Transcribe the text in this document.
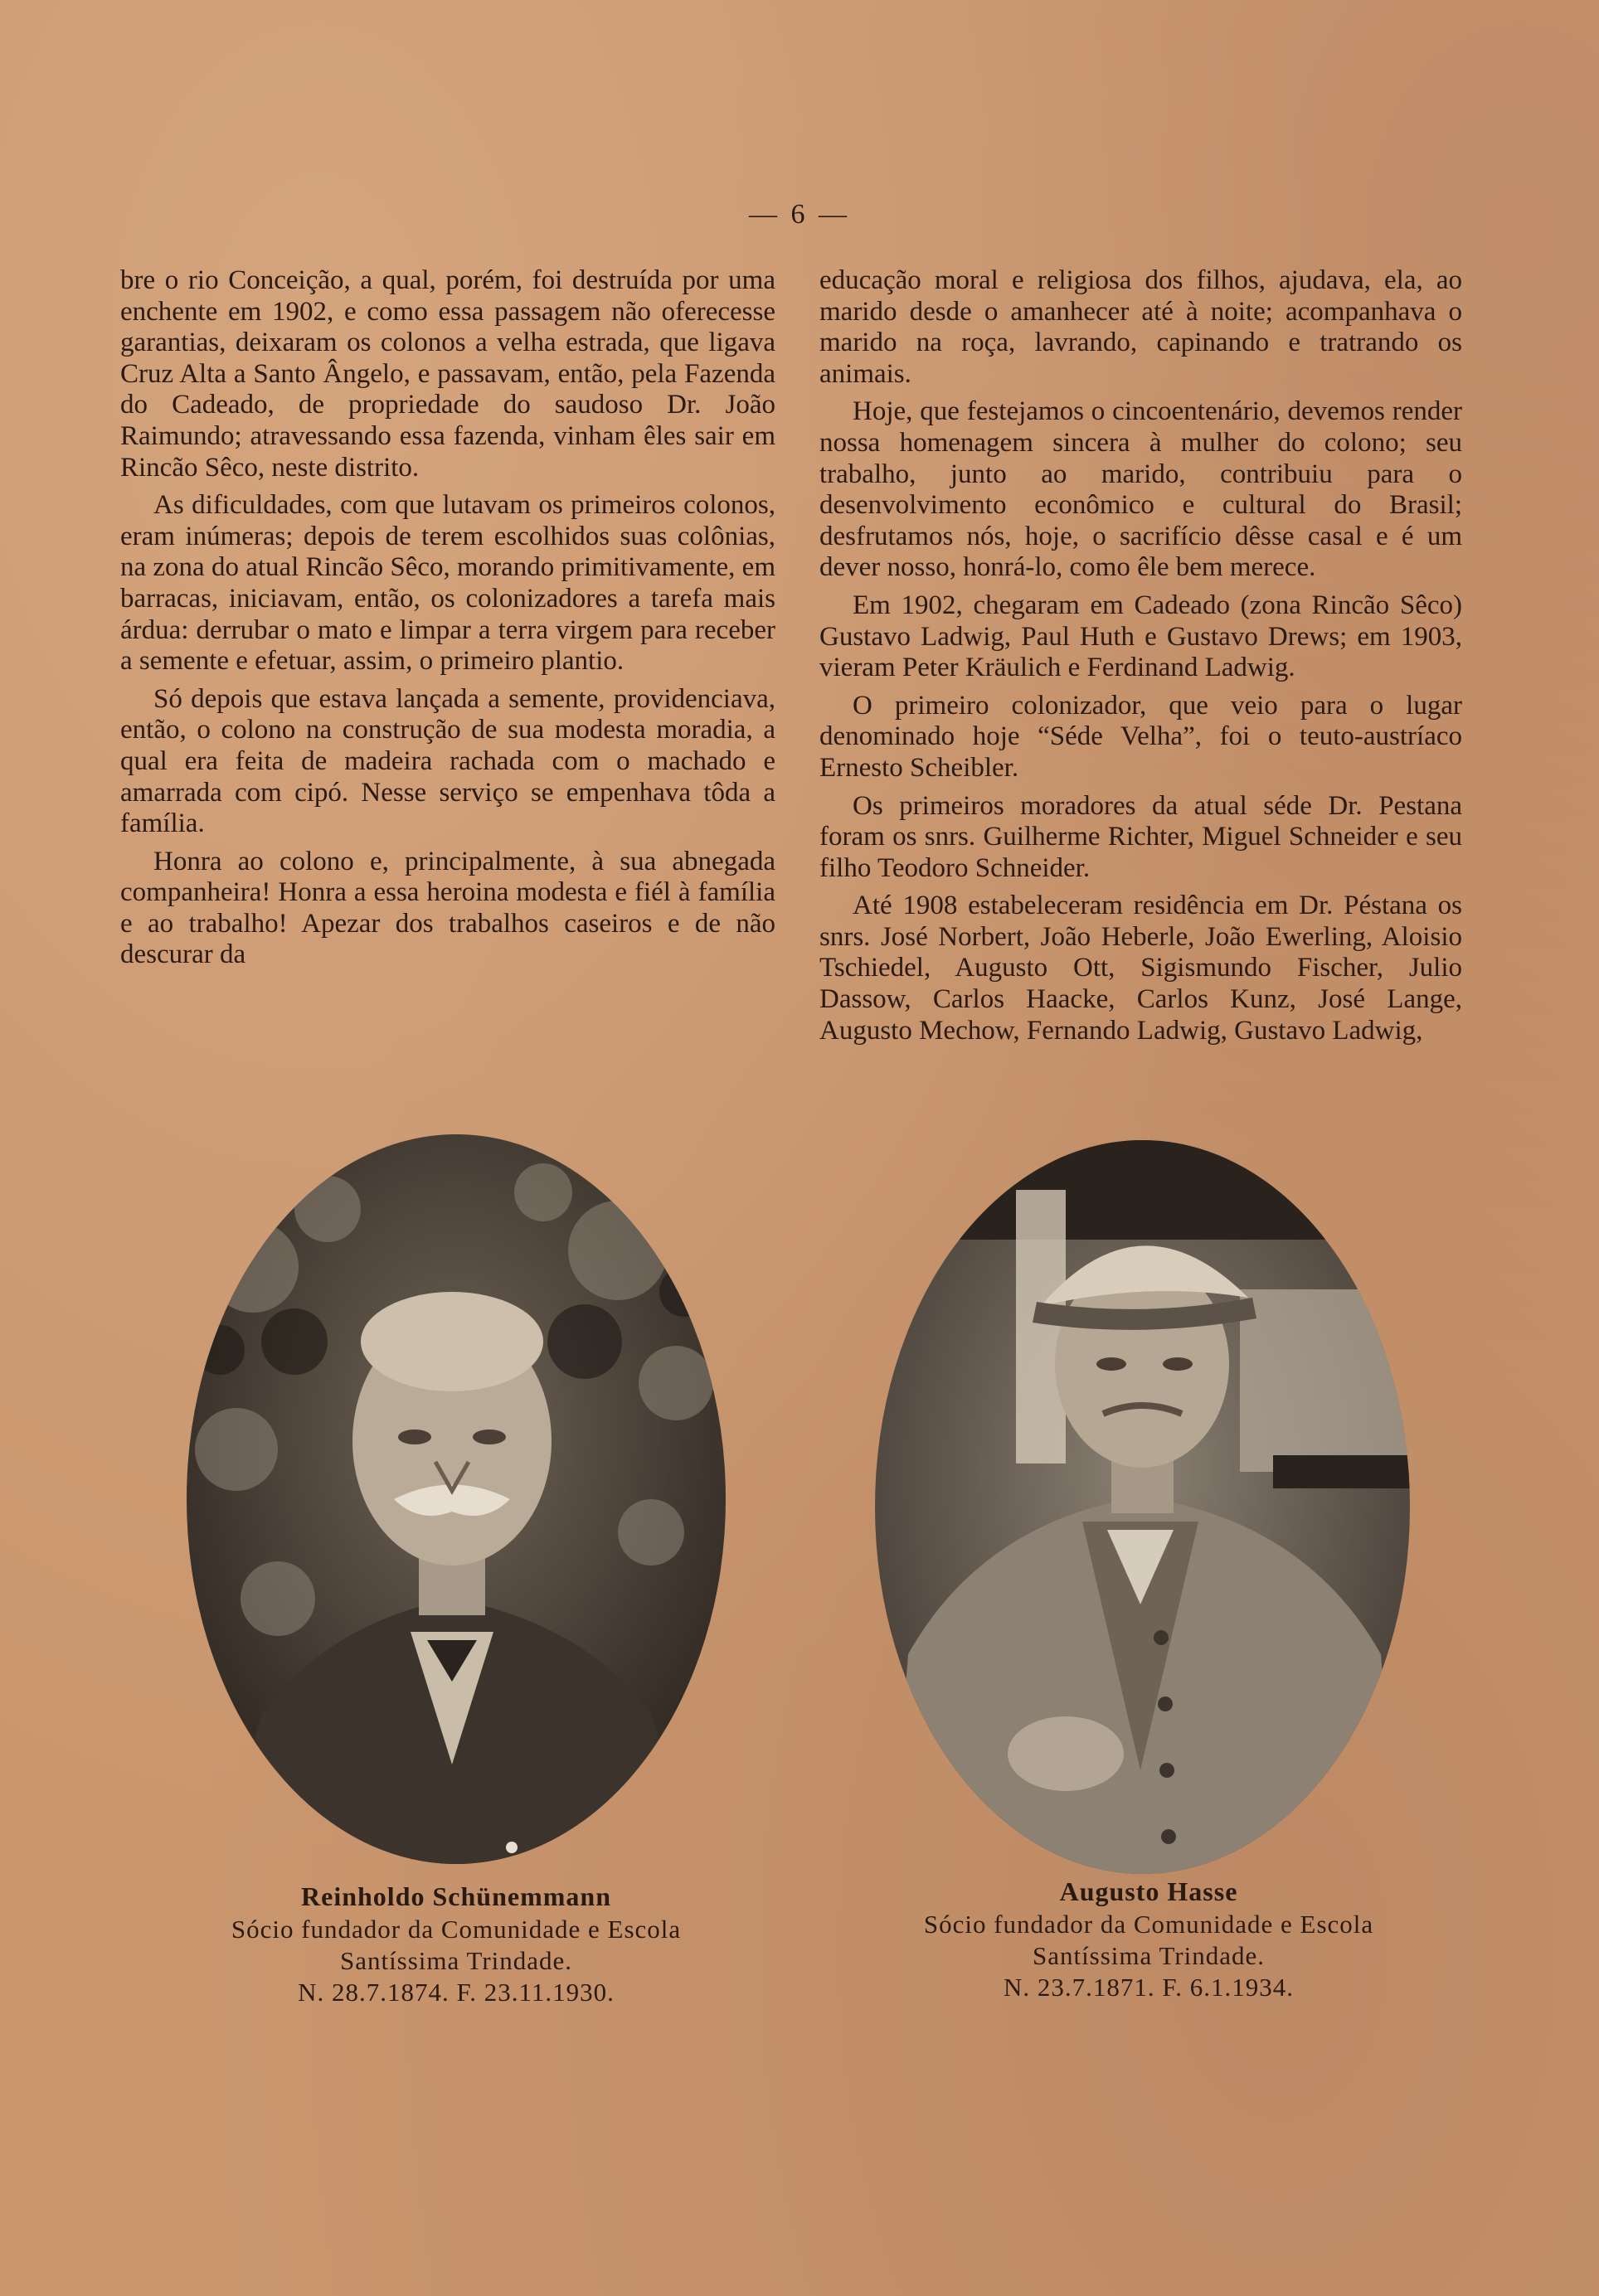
— 6 —

bre o rio Conceição, a qual, porém, foi destruída por uma enchente em 1902, e como essa passagem não oferecesse garantias, deixaram os colonos a velha estrada, que ligava Cruz Alta a Santo Ângelo, e passavam, então, pela Fazenda do Cadeado, de propriedade do saudoso Dr. João Raimundo; atravessando essa fazenda, vinham êles sair em Rincão Sêco, neste distrito.

As dificuldades, com que lutavam os primeiros colonos, eram inúmeras; depois de terem escolhidos suas colônias, na zona do atual Rincão Sêco, morando primitivamente, em barracas, iniciavam, então, os colonizadores a tarefa mais árdua: derrubar o mato e limpar a terra virgem para receber a semente e efetuar, assim, o primeiro plantio.

Só depois que estava lançada a semente, providenciava, então, o colono na construção de sua modesta moradia, a qual era feita de madeira rachada com o machado e amarrada com cipó. Nesse serviço se empenhava tôda a família.

Honra ao colono e, principalmente, à sua abnegada companheira! Honra a essa heroina modesta e fiél à família e ao trabalho! Apezar dos trabalhos caseiros e de não descurar da

educação moral e religiosa dos filhos, ajudava, ela, ao marido desde o amanhecer até à noite; acompanhava o marido na roça, lavrando, capinando e tratrando os animais.

Hoje, que festejamos o cincoentenário, devemos render nossa homenagem sincera à mulher do colono; seu trabalho, junto ao marido, contribuiu para o desenvolvimento econômico e cultural do Brasil; desfrutamos nós, hoje, o sacrifício dêsse casal e é um dever nosso, honrá-lo, como êle bem merece.

Em 1902, chegaram em Cadeado (zona Rincão Sêco) Gustavo Ladwig, Paul Huth e Gustavo Drews; em 1903, vieram Peter Kräulich e Ferdinand Ladwig.

O primeiro colonizador, que veio para o lugar denominado hoje “Séde Velha”, foi o teuto-austríaco Ernesto Scheibler.

Os primeiros moradores da atual séde Dr. Pestana foram os snrs. Guilherme Richter, Miguel Schneider e seu filho Teodoro Schneider.

Até 1908 estabeleceram residência em Dr. Péstana os snrs. José Norbert, João Heberle, João Ewerling, Aloisio Tschiedel, Augusto Ott, Sigismundo Fischer, Julio Dassow, Carlos Haacke, Carlos Kunz, José Lange, Augusto Mechow, Fernando Ladwig, Gustavo Ladwig,

Reinholdo Schünemmann
Sócio fundador da Comunidade e Escola
Santíssima Trindade.
N. 28.7.1874. F. 23.11.1930.
Augusto Hasse
Sócio fundador da Comunidade e Escola
Santíssima Trindade.
N. 23.7.1871. F. 6.1.1934.
